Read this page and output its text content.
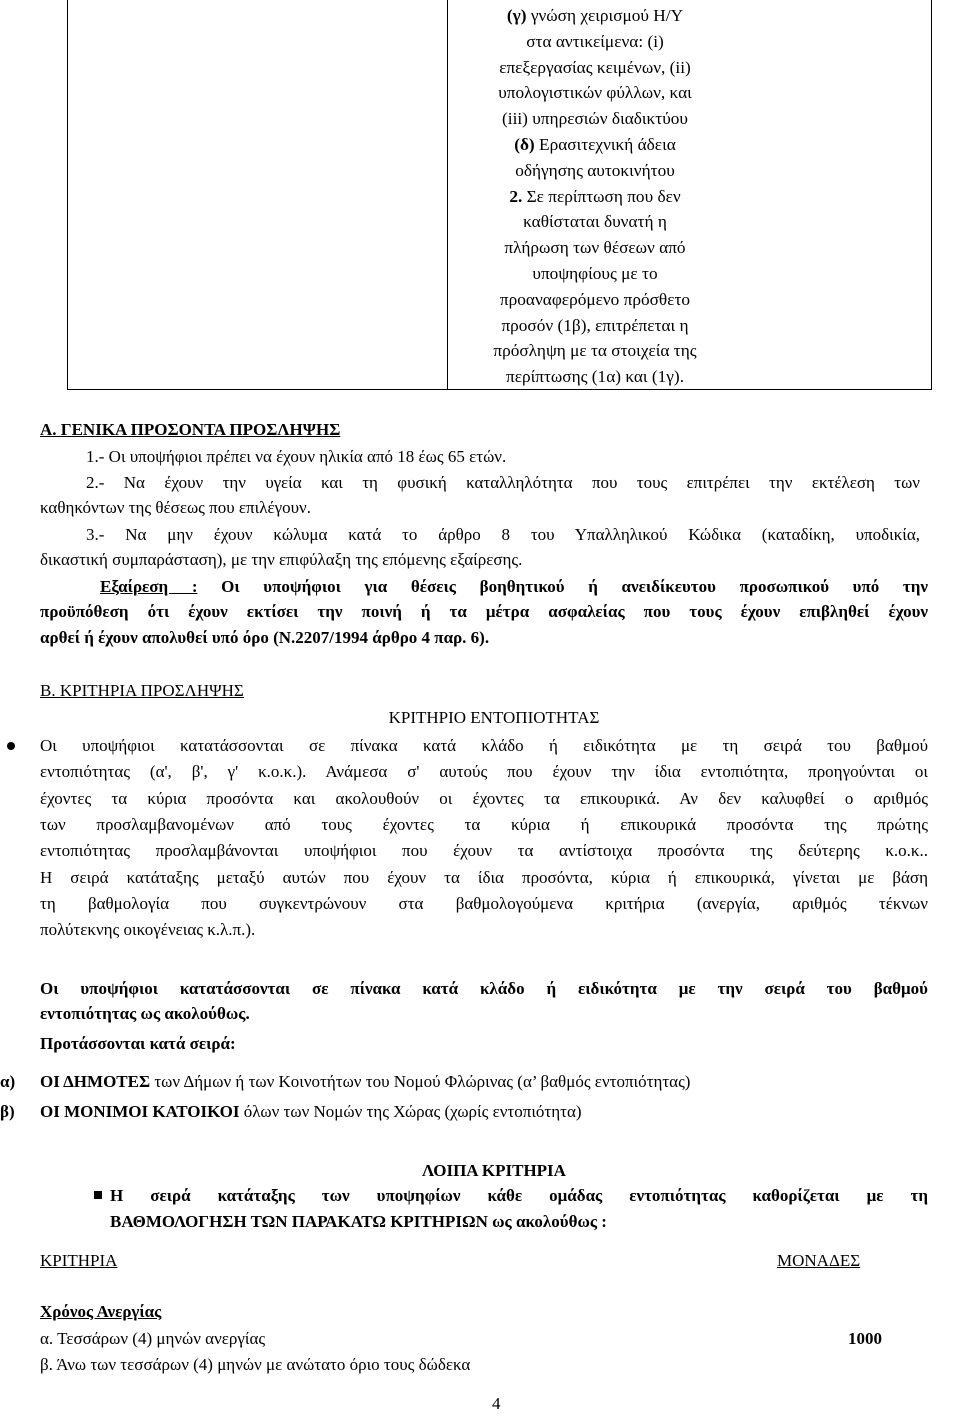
(γ) γνώση χειρισμού Η/Υ
στα αντικείμενα: (i)
επεξεργασίας κειμένων, (ii)
υπολογιστικών φύλλων, και
(iii) υπηρεσιών διαδικτύου
(δ) Ερασιτεχνική άδεια
οδήγησης αυτοκινήτου
2. Σε περίπτωση που δεν
καθίσταται δυνατή η
πλήρωση των θέσεων από
υποψηφίους με το
προαναφερόμενο πρόσθετο
προσόν (1β), επιτρέπεται η
πρόσληψη με τα στοιχεία της
περίπτωσης (1α) και (1γ).
Α. ΓΕΝΙΚΑ ΠΡΟΣΟΝΤΑ ΠΡΟΣΛΗΨΗΣ
1.- Οι υποψήφιοι πρέπει να έχουν ηλικία από 18 έως 65 ετών.
2.- Να έχουν την υγεία και τη φυσική καταλληλότητα που τους επιτρέπει την εκτέλεση των
καθηκόντων της θέσεως που επιλέγουν.
3.- Να μην έχουν κώλυμα κατά το άρθρο 8 του Υπαλληλικού Κώδικα (καταδίκη, υποδικία,
δικαστική συμπαράσταση), με την επιφύλαξη της επόμενης εξαίρεσης.
Εξαίρεση : Οι υποψήφιοι για θέσεις βοηθητικού ή ανειδίκευτου προσωπικού υπό την
προϋπόθεση ότι έχουν εκτίσει την ποινή ή τα μέτρα ασφαλείας που τους έχουν επιβληθεί έχουν
αρθεί ή έχουν απολυθεί υπό όρο (Ν.2207/1994 άρθρο 4 παρ. 6).
Β. ΚΡΙΤΗΡΙΑ ΠΡΟΣΛΗΨΗΣ
ΚΡΙΤΗΡΙΟ ΕΝΤΟΠΙΟΤΗΤΑΣ
Οι υποψήφιοι κατατάσσονται σε πίνακα κατά κλάδο ή ειδικότητα με τη σειρά του βαθμού
εντοπιότητας (α', β', γ' κ.ο.κ.). Ανάμεσα σ' αυτούς που έχουν την ίδια εντοπιότητα, προηγούνται οι
έχοντες τα κύρια προσόντα και ακολουθούν οι έχοντες τα επικουρικά. Αν δεν καλυφθεί ο αριθμός
των προσλαμβανομένων από τους έχοντες τα κύρια ή επικουρικά προσόντα της πρώτης
εντοπιότητας προσλαμβάνονται υποψήφιοι που έχουν τα αντίστοιχα προσόντα της δεύτερης κ.ο.κ..
Η σειρά κατάταξης μεταξύ αυτών που έχουν τα ίδια προσόντα, κύρια ή επικουρικά, γίνεται με βάση
τη βαθμολογία που συγκεντρώνουν στα βαθμολογούμενα κριτήρια (ανεργία, αριθμός τέκνων
πολύτεκνης οικογένειας κ.λ.π.).
Οι υποψήφιοι κατατάσσονται σε πίνακα κατά κλάδο ή ειδικότητα με την σειρά του βαθμού
εντοπιότητας ως ακολούθως.
Προτάσσονται κατά σειρά:
α) ΟΙ ΔΗΜΟΤΕΣ των Δήμων ή των Κοινοτήτων του Νομού Φλώρινας (α’ βαθμός εντοπιότητας)
β) ΟΙ ΜΟΝΙΜΟΙ ΚΑΤΟΙΚΟΙ όλων των Νομών της Χώρας (χωρίς εντοπιότητα)
ΛΟΙΠΑ ΚΡΙΤΗΡΙΑ
Η σειρά κατάταξης των υποψηφίων κάθε ομάδας εντοπιότητας καθορίζεται με τη
ΒΑΘΜΟΛΟΓΗΣΗ ΤΩΝ ΠΑΡΑΚΑΤΩ ΚΡΙΤΗΡΙΩΝ ως ακολούθως :
ΚΡΙΤΗΡΙΑ	ΜΟΝΑΔΕΣ
Χρόνος Ανεργίας
α. Τεσσάρων (4) μηνών ανεργίας	1000
β. Άνω των τεσσάρων (4) μηνών με ανώτατο όριο τους δώδεκα
4
